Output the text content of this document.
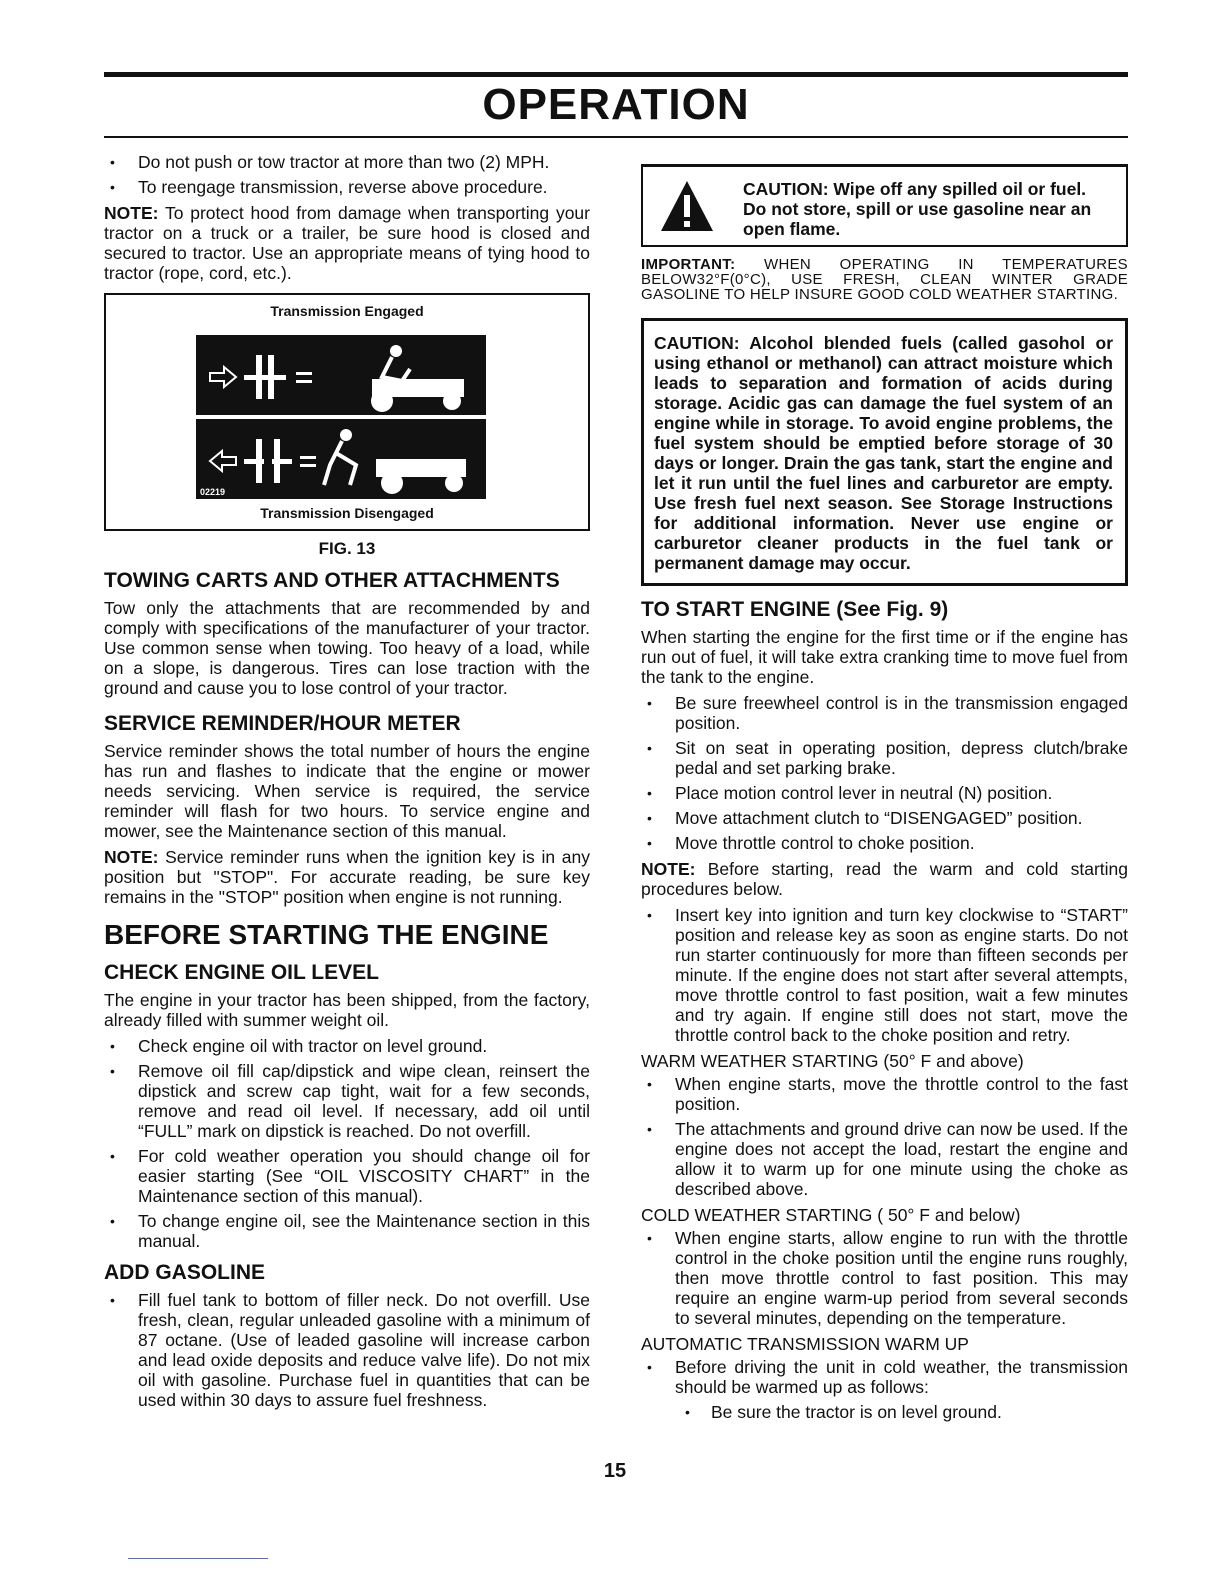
OPERATION
• Do not push or tow tractor at more than two (2) MPH.
• To reengage transmission, reverse above procedure.

NOTE: To protect hood from damage when transporting your tractor on a truck or a trailer, be sure hood is closed and secured to tractor. Use an appropriate means of tying hood to tractor (rope, cord, etc.).

Transmission Engaged
02219
Transmission Disengaged
FIG. 13
TOWING CARTS AND OTHER ATTACHMENTS

Tow only the attachments that are recommended by and comply with specifications of the manufacturer of your tractor. Use common sense when towing. Too heavy of a load, while on a slope, is dangerous. Tires can lose traction with the ground and cause you to lose control of your tractor.

SERVICE REMINDER/HOUR METER

Service reminder shows the total number of hours the engine has run and flashes to indicate that the engine or mower needs servicing. When service is required, the service reminder will flash for two hours. To service engine and mower, see the Maintenance section of this manual.

NOTE: Service reminder runs when the ignition key is in any position but "STOP". For accurate reading, be sure key remains in the "STOP" position when engine is not running.

BEFORE STARTING THE ENGINE
CHECK ENGINE OIL LEVEL

The engine in your tractor has been shipped, from the factory, already filled with summer weight oil.

• Check engine oil with tractor on level ground.
• Remove oil fill cap/dipstick and wipe clean, reinsert the dipstick and screw cap tight, wait for a few seconds, remove and read oil level. If necessary, add oil until “FULL” mark on dipstick is reached. Do not overfill.
• For cold weather operation you should change oil for easier starting (See “OIL VISCOSITY CHART” in the Maintenance section of this manual).
• To change engine oil, see the Maintenance section in this manual.
ADD GASOLINE
• Fill fuel tank to bottom of filler neck. Do not overfill. Use fresh, clean, regular unleaded gasoline with a minimum of 87 octane. (Use of leaded gasoline will increase carbon and lead oxide deposits and reduce valve life). Do not mix oil with gasoline. Purchase fuel in quantities that can be used within 30 days to assure fuel freshness.
CAUTION: Wipe off any spilled oil or fuel. Do not store, spill or use gasoline near an open flame.

IMPORTANT: WHEN OPERATING IN TEMPERATURES BELOW32°F(0°C), USE FRESH, CLEAN WINTER GRADE GASOLINE TO HELP INSURE GOOD COLD WEATHER STARTING.

CAUTION: Alcohol blended fuels (called gasohol or using ethanol or methanol) can attract moisture which leads to separation and formation of acids during storage. Acidic gas can damage the fuel system of an engine while in storage. To avoid engine problems, the fuel system should be emptied before storage of 30 days or longer. Drain the gas tank, start the engine and let it run until the fuel lines and carburetor are empty. Use fresh fuel next season. See Storage Instructions for additional information. Never use engine or carburetor cleaner products in the fuel tank or permanent damage may occur.
TO START ENGINE (See Fig. 9)

When starting the engine for the first time or if the engine has run out of fuel, it will take extra cranking time to move fuel from the tank to the engine.

• Be sure freewheel control is in the transmission engaged position.
• Sit on seat in operating position, depress clutch/brake pedal and set parking brake.
• Place motion control lever in neutral (N) position.
• Move attachment clutch to “DISENGAGED” position.
• Move throttle control to choke position.

NOTE: Before starting, read the warm and cold starting procedures below.

• Insert key into ignition and turn key clockwise to “START” position and release key as soon as engine starts. Do not run starter continuously for more than fifteen seconds per minute. If the engine does not start after several attempts, move throttle control to fast position, wait a few minutes and try again. If engine still does not start, move the throttle control back to the choke position and retry.
WARM WEATHER STARTING (50° F and above)
• When engine starts, move the throttle control to the fast position.
• The attachments and ground drive can now be used. If the engine does not accept the load, restart the engine and allow it to warm up for one minute using the choke as described above.
COLD WEATHER STARTING ( 50° F and below)
• When engine starts, allow engine to run with the throttle control in the choke position until the engine runs roughly, then move throttle control to fast position. This may require an engine warm-up period from several seconds to several minutes, depending on the temperature.
AUTOMATIC TRANSMISSION WARM UP
• Before driving the unit in cold weather, the transmission should be warmed up as follows:
• Be sure the tractor is on level ground.
15
